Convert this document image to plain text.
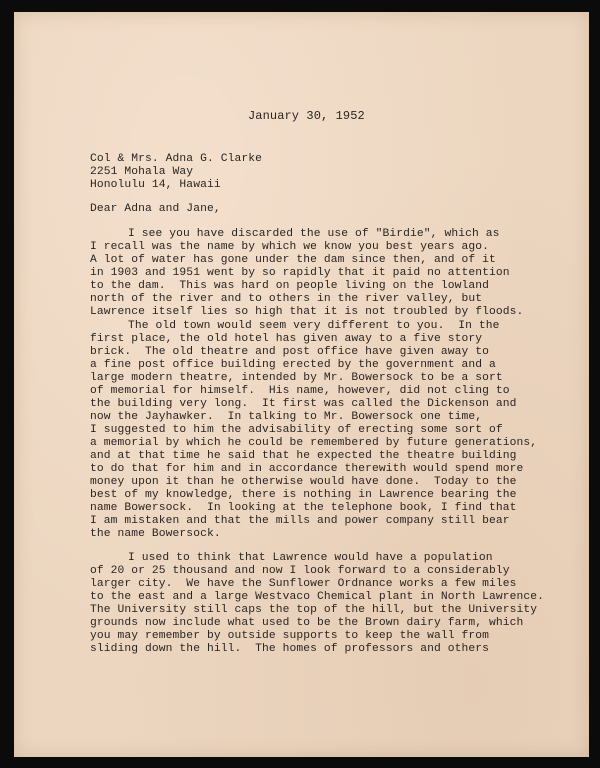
January 30, 1952
Col & Mrs. Adna G. Clarke
2251 Mohala Way
Honolulu 14, Hawaii
Dear Adna and Jane,
I see you have discarded the use of "Birdie", which as
I recall was the name by which we know you best years ago.
A lot of water has gone under the dam since then, and of it
in 1903 and 1951 went by so rapidly that it paid no attention
to the dam.  This was hard on people living on the lowland
north of the river and to others in the river valley, but
Lawrence itself lies so high that it is not troubled by floods.
The old town would seem very different to you.  In the
first place, the old hotel has given away to a five story
brick.  The old theatre and post office have given away to
a fine post office building erected by the government and a
large modern theatre, intended by Mr. Bowersock to be a sort
of memorial for himself.  His name, however, did not cling to
the building very long.  It first was called the Dickenson and
now the Jayhawker.  In talking to Mr. Bowersock one time,
I suggested to him the advisability of erecting some sort of
a memorial by which he could be remembered by future generations,
and at that time he said that he expected the theatre building
to do that for him and in accordance therewith would spend more
money upon it than he otherwise would have done.  Today to the
best of my knowledge, there is nothing in Lawrence bearing the
name Bowersock.  In looking at the telephone book, I find that
I am mistaken and that the mills and power company still bear
the name Bowersock.
I used to think that Lawrence would have a population
of 20 or 25 thousand and now I look forward to a considerably
larger city.  We have the Sunflower Ordnance works a few miles
to the east and a large Westvaco Chemical plant in North Lawrence.
The University still caps the top of the hill, but the University
grounds now include what used to be the Brown dairy farm, which
you may remember by outside supports to keep the wall from
sliding down the hill.  The homes of professors and others
